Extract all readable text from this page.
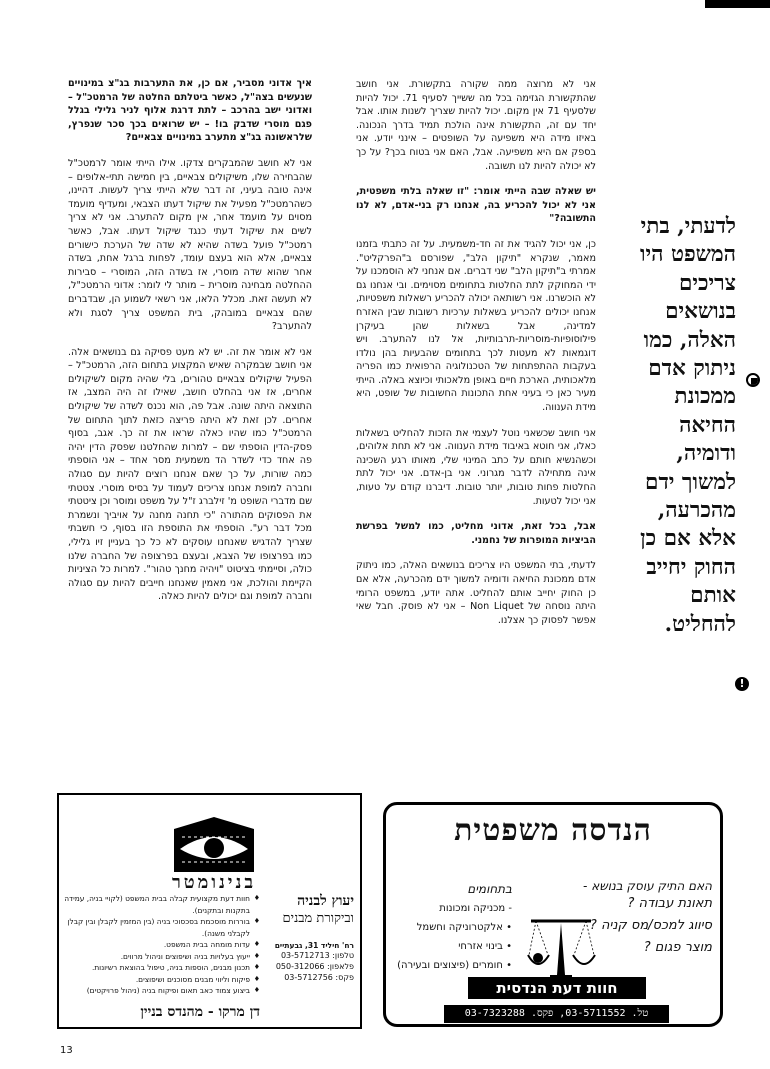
איך אדוני מסביר, אם כן, את התערבות בג"צ במינויים שנעשים בצה"ל, כאשר ביטלתם החלטה של הרמטכ"ל – ואדוני ישב בהרכב – לתת דרגת אלוף לניר גלילי בגלל פגם מוסרי שדבק בו! – יש שרואים בכך סכר שנפרץ, שלראשונה בג"צ מתערב במינויים צבאיים?

אני לא חושב שהמבקרים צדקו. אילו הייתי אומר לרמטכ"ל שהבחירה שלו, משיקולים צבאיים, בין חמישה תתי-אלופים – אינה טובה בעיני, זה דבר שלא הייתי צריך לעשות. דהיינו, כשהרמטכ"ל מפעיל את שיקול דעתו הצבאי, ומעדיף מועמד מסוים על מועמד אחר, אין מקום להתערב. אני לא צריך לשים את שיקול דעתי כנגד שיקול דעתו. אבל, כאשר רמטכ"ל פועל בשדה שהיא לא שדה של הערכת כישורים צבאיים, אלא הוא בעצם עומד, לפחות ברגל אחת, בשדה אחר שהוא שדה מוסרי, אז בשדה הזה, המוסרי – סבירות ההחלטה מבחינה מוסרית – מותר לי לומר: אדוני הרמטכ"ל, לא תעשה זאת. מכלל הלאו, אני רשאי לשמוע הן, שבדברים שהם צבאיים במובהק, בית המשפט צריך לסגת ולא להתערב?

אני לא אומר את זה. יש לא מעט פסיקה גם בנושאים אלה. אני חושב שבמקרה שאיש המקצוע בתחום הזה, הרמטכ"ל – הפעיל שיקולים צבאיים טהורים, בלי שהיה מקום לשיקולים אחרים, אז אני בהחלט חושב, שאילו זה היה המצב, אז התוצאה היתה שונה. אבל פה, הוא נכנס לשדה של שיקולים אחרים. לכן זאת לא היתה פריצה כזאת לתוך התחום של הרמטכ"ל כמו שהיו כאלה שראו את זה כך. אגב, בסוף פסק-הדין הוספתי שם – למרות שהחלטנו שפסק הדין יהיה פה אחד כדי לשדר הד משמעית מסר אחד – אני הוספתי כמה שורות, על כך שאם אנחנו רוצים להיות עם סגולה וחברה למופת אנחנו צריכים לעמוד על בסיס מוסרי. צטטתי שם מדברי השופט מ' זילברג ז"ל על משפט ומוסר וכן ציטטתי את הפסוקים מהתורה "כי תחנה מחנה על אויביך ונשמרת מכל דבר רע". הוספתי את התוספת הזו בסוף, כי חשבתי שצריך להדגיש שאנחנו עוסקים לא כל כך בעניין זיו גלילי, כמו בפרצופו של הצבא, ובעצם בפרצופה של החברה שלנו כולה, וסיימתי בציטוט "ויהיה מחנך טהור". למרות כל הציניות הקיימת והולכת, אני מאמין שאנחנו חייבים להיות עם סגולה וחברה למופת וגם יכולים להיות כאלה.

אני לא מרוצה ממה שקורה בתקשורת. אני חושב שהתקשורת הגזימה בכל מה ששייך לסעיף 71. יכול להיות שלסעיף 71 אין מקום. יכול להיות שצריך לשנות אותו. אבל יחד עם זה, התקשורת אינה הולכת תמיד בדרך הנכונה. באיזו מידה היא משפיעה על השופטים – אינני יודע. אני בספק אם היא משפיעה. אבל, האם אני בטוח בכך? על כך לא יכולה להיות לנו תשובה.

יש שאלה שבה הייתי אומר: "זו שאלה בלתי משפטית, אני לא יכול להכריע בה, אנחנו רק בני-אדם, לא לנו התשובה?"

כן, אני יכול להגיד את זה חד-משמעית. על זה כתבתי בזמנו מאמר, שנקרא "תיקון הלב", שפורסם ב"הפרקליט". אמרתי ב"תיקון הלב" שני דברים. אם אנחני לא הוסמכנו על ידי המחוקק לתת החלטות בתחומים מסוימים. ובי אנחנו גם לא הוכשרנו. אני רשותאה יכולה להכריע רשאלות משפטיות, אנחנו יכולים להכריע בשאלות ערכיות רשובות שבין האזרח למדינה, אבל בשאלות שהן בעיקרן פילוסופיות-מוסריות-תרבותיות, אל לנו להתערב. ויש דוגמאות לא מעטות לכך בתחומים שהבעיות בהן נולדו בעקבות ההתפתחות של הטכנולוגיה הרפואית כמו הפריה מלאכותית, הארכת חיים באופן מלאכותי וכיוצא באלה. הייתי מעיר כאן כי בעיני אחת התכונות החשובות של שופט, היא מידת הענווה.

אני חושב שכשאני נוטל לעצמי את הזכות להחליט בשאלות כאלו, אני חוטא באיבוד מידת הענווה. אני לא תחת אלוהים, וכשהנשיא חותם על כתב המינוי שלי, מאותו רגע השכינה אינה מתחילה לדבר מגרוני. אני בן-אדם. אני יכול לתת החלטות פחות טובות, יותר טובות. דיברנו קודם על טעות, אני יכול לטעות.

אבל, בכל זאת, אדוני מחליט, כמו למשל בפרשת הביציות המופרות של נחמני.

לדעתי, בתי המשפט היו צריכים בנושאים האלה, כמו ניתוק אדם ממכונת החיאה ודומיה למשוך ידם מהכרעה, אלא אם כן החוק יחייב אותם להחליט. אתה יודע, במשפט הרומי היתה נוסחה של Non Liquet – אני לא פוסק. חבל שאי אפשר לפסוק כך אצלנו.

לדעתי, בתי המשפט היו צריכים בנושאים האלה, כמו ניתוק אדם ממכונת החיאה ודומיה, למשוך ידם מהכרעה, אלא אם כן החוק יחייב אותם להחליט.
!
הנדסה משפטית
האם התיק עוסק בנושא -
תאונת עבודה ?
סיווג למכס/מס קניה ?
מוצר פגום ?
בתחומים
- מכניקה ומכונות
• אלקטרוניקה וחשמל
• בינוי אזרחי
• חומרים (פיצוצים ובעירה)
חוות דעת הנדסית
טל. 03-5711552, פקס. 03-7323288
בנינומטר
♦ חוות דעת מקצועית קבלה בבית המשפט (לקויי בניה, עמידה בתקנות ובתקנים).
♦ בוררות מוסכמת בסכסוכי בניה (בין המזמין לקבלן ובין קבלן לקבלני משנה).
♦ עדות מומחה בבית המשפט.
♦ ייעוץ בעלויות בניה ושיפוצים וניהול מרווים.
♦ תכנון מבנים, הוספות בניה, טיפול בהוצאת רשיונות.
♦ פיקוח וליווי מבנים מסוכנים ושיפוצים.
♦ ביצוע צמוד כאב תאום ופיקוח בניה (ניהול פרויקטים)
יעוץ לבניה
וביקורת מבנים
רח' חיליד 31, גבעתיים
טלפון: 03-5712713
פלאפון: 050-312066
פקס: 03-5712756
דן מרקו - מהנדס בניין
13
